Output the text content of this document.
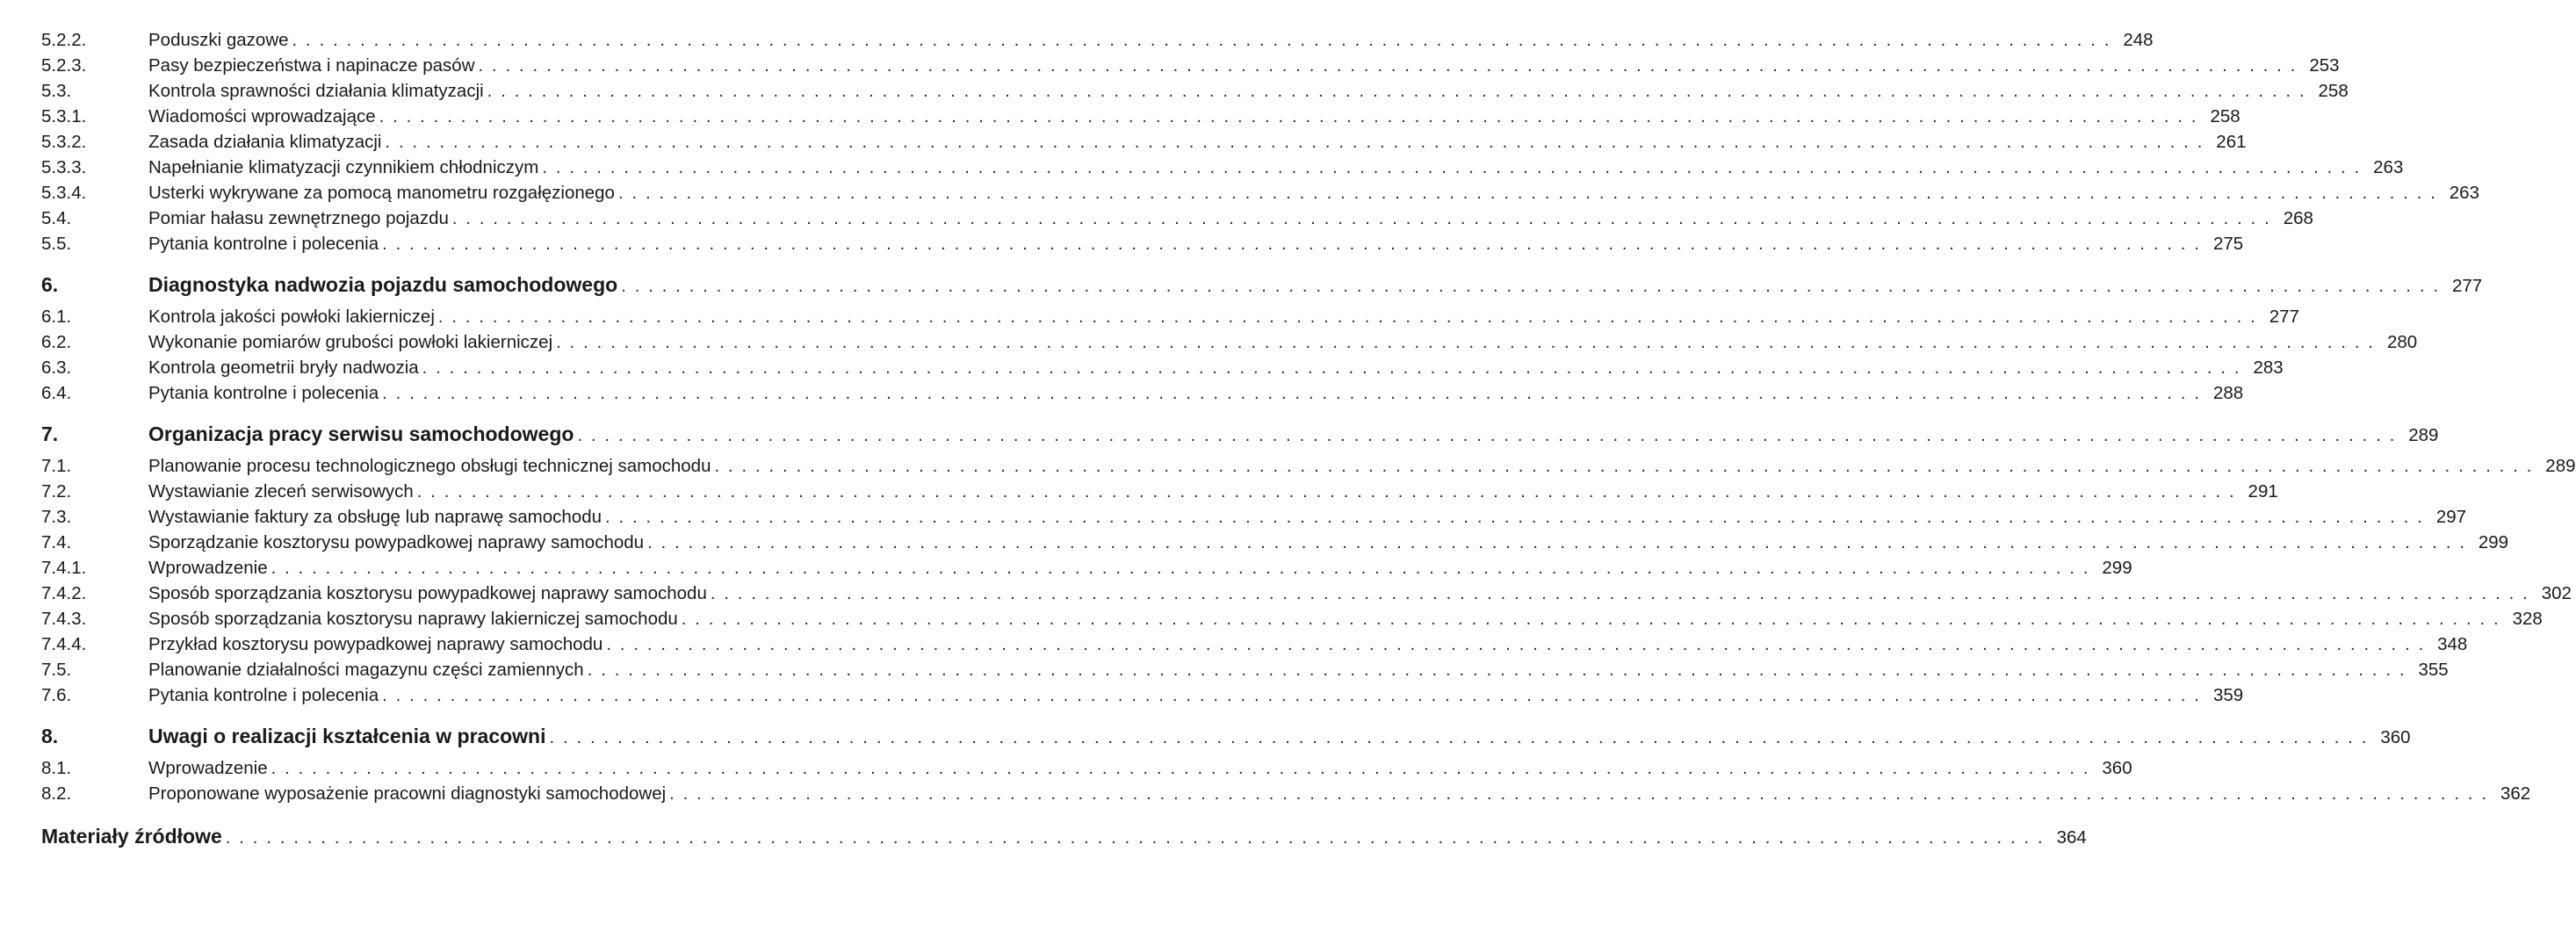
5.2.2.	Poduszki gazowe . . .	248
5.2.3.	Pasy bezpieczeństwa i napinacze pasów . . .	253
5.3.	Kontrola sprawności działania klimatyzacji . . .	258
5.3.1.	Wiadomości wprowadzające . . .	258
5.3.2.	Zasada działania klimatyzacji . . .	261
5.3.3.	Napełnianie klimatyzacji czynnikiem chłodniczym . . .	263
5.3.4.	Usterki wykrywane za pomocą manometru rozgałęzionego . . .	263
5.4.	Pomiar hałasu zewnętrznego pojazdu . . .	268
5.5.	Pytania kontrolne i polecenia . . .	275
6.	Diagnostyka nadwozia pojazdu samochodowego . . .	277
6.1.	Kontrola jakości powłoki lakierniczej . . .	277
6.2.	Wykonanie pomiarów grubości powłoki lakierniczej . . .	280
6.3.	Kontrola geometrii bryły nadwozia . . .	283
6.4.	Pytania kontrolne i polecenia . . .	288
7.	Organizacja pracy serwisu samochodowego . . .	289
7.1.	Planowanie procesu technologicznego obsługi technicznej samochodu . . .	289
7.2.	Wystawianie zleceń serwisowych . . .	291
7.3.	Wystawianie faktury za obsługę lub naprawę samochodu . . .	297
7.4.	Sporządzanie kosztorysu powypadkowej naprawy samochodu . . .	299
7.4.1.	Wprowadzenie . . .	299
7.4.2.	Sposób sporządzania kosztorysu powypadkowej naprawy samochodu . . .	302
7.4.3.	Sposób sporządzania kosztorysu naprawy lakierniczej samochodu . . .	328
7.4.4.	Przykład kosztorysu powypadkowej naprawy samochodu . . .	348
7.5.	Planowanie działalności magazynu części zamiennych . . .	355
7.6.	Pytania kontrolne i polecenia . . .	359
8.	Uwagi o realizacji kształcenia w pracowni . . .	360
8.1.	Wprowadzenie . . .	360
8.2.	Proponowane wyposażenie pracowni diagnostyki samochodowej . . .	362
Materiały źródłowe . . .	364
